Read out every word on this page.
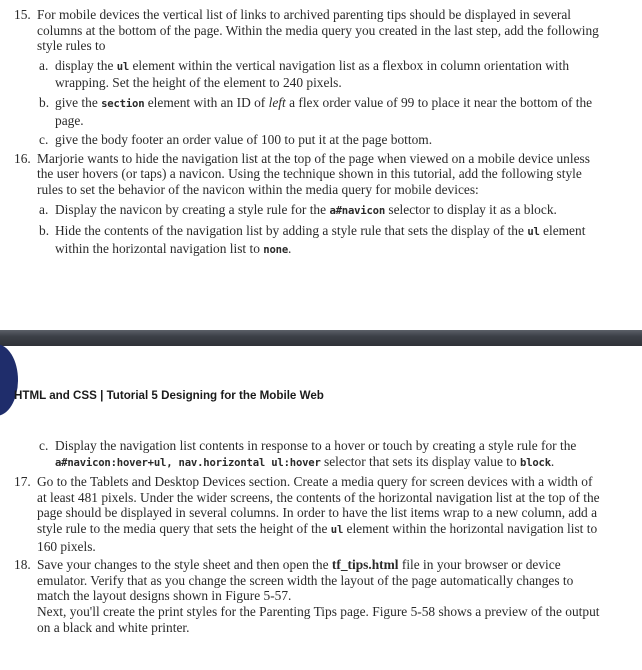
15. For mobile devices the vertical list of links to archived parenting tips should be displayed in several columns at the bottom of the page. Within the media query you created in the last step, add the following style rules to

a. display the ul element within the vertical navigation list as a flexbox in column orientation with wrapping. Set the height of the element to 240 pixels.

b. give the section element with an ID of left a flex order value of 99 to place it near the bottom of the page.

c. give the body footer an order value of 100 to put it at the page bottom.

16. Marjorie wants to hide the navigation list at the top of the page when viewed on a mobile device unless the user hovers (or taps) a navicon. Using the technique shown in this tutorial, add the following style rules to set the behavior of the navicon within the media query for mobile devices:

a. Display the navicon by creating a style rule for the a#navicon selector to display it as a block.

b. Hide the contents of the navigation list by adding a style rule that sets the display of the ul element within the horizontal navigation list to none.

HTML and CSS | Tutorial 5 Designing for the Mobile Web

c. Display the navigation list contents in response to a hover or touch by creating a style rule for the a#navicon:hover+ul, nav.horizontal ul:hover selector that sets its display value to block.

17. Go to the Tablets and Desktop Devices section. Create a media query for screen devices with a width of at least 481 pixels. Under the wider screens, the contents of the horizontal navigation list at the top of the page should be displayed in several columns. In order to have the list items wrap to a new column, add a style rule to the media query that sets the height of the ul element within the horizontal navigation list to 160 pixels.

18. Save your changes to the style sheet and then open the tf_tips.html file in your browser or device emulator. Verify that as you change the screen width the layout of the page automatically changes to match the layout designs shown in Figure 5-57.

Next, you'll create the print styles for the Parenting Tips page. Figure 5-58 shows a preview of the output on a black and white printer.
